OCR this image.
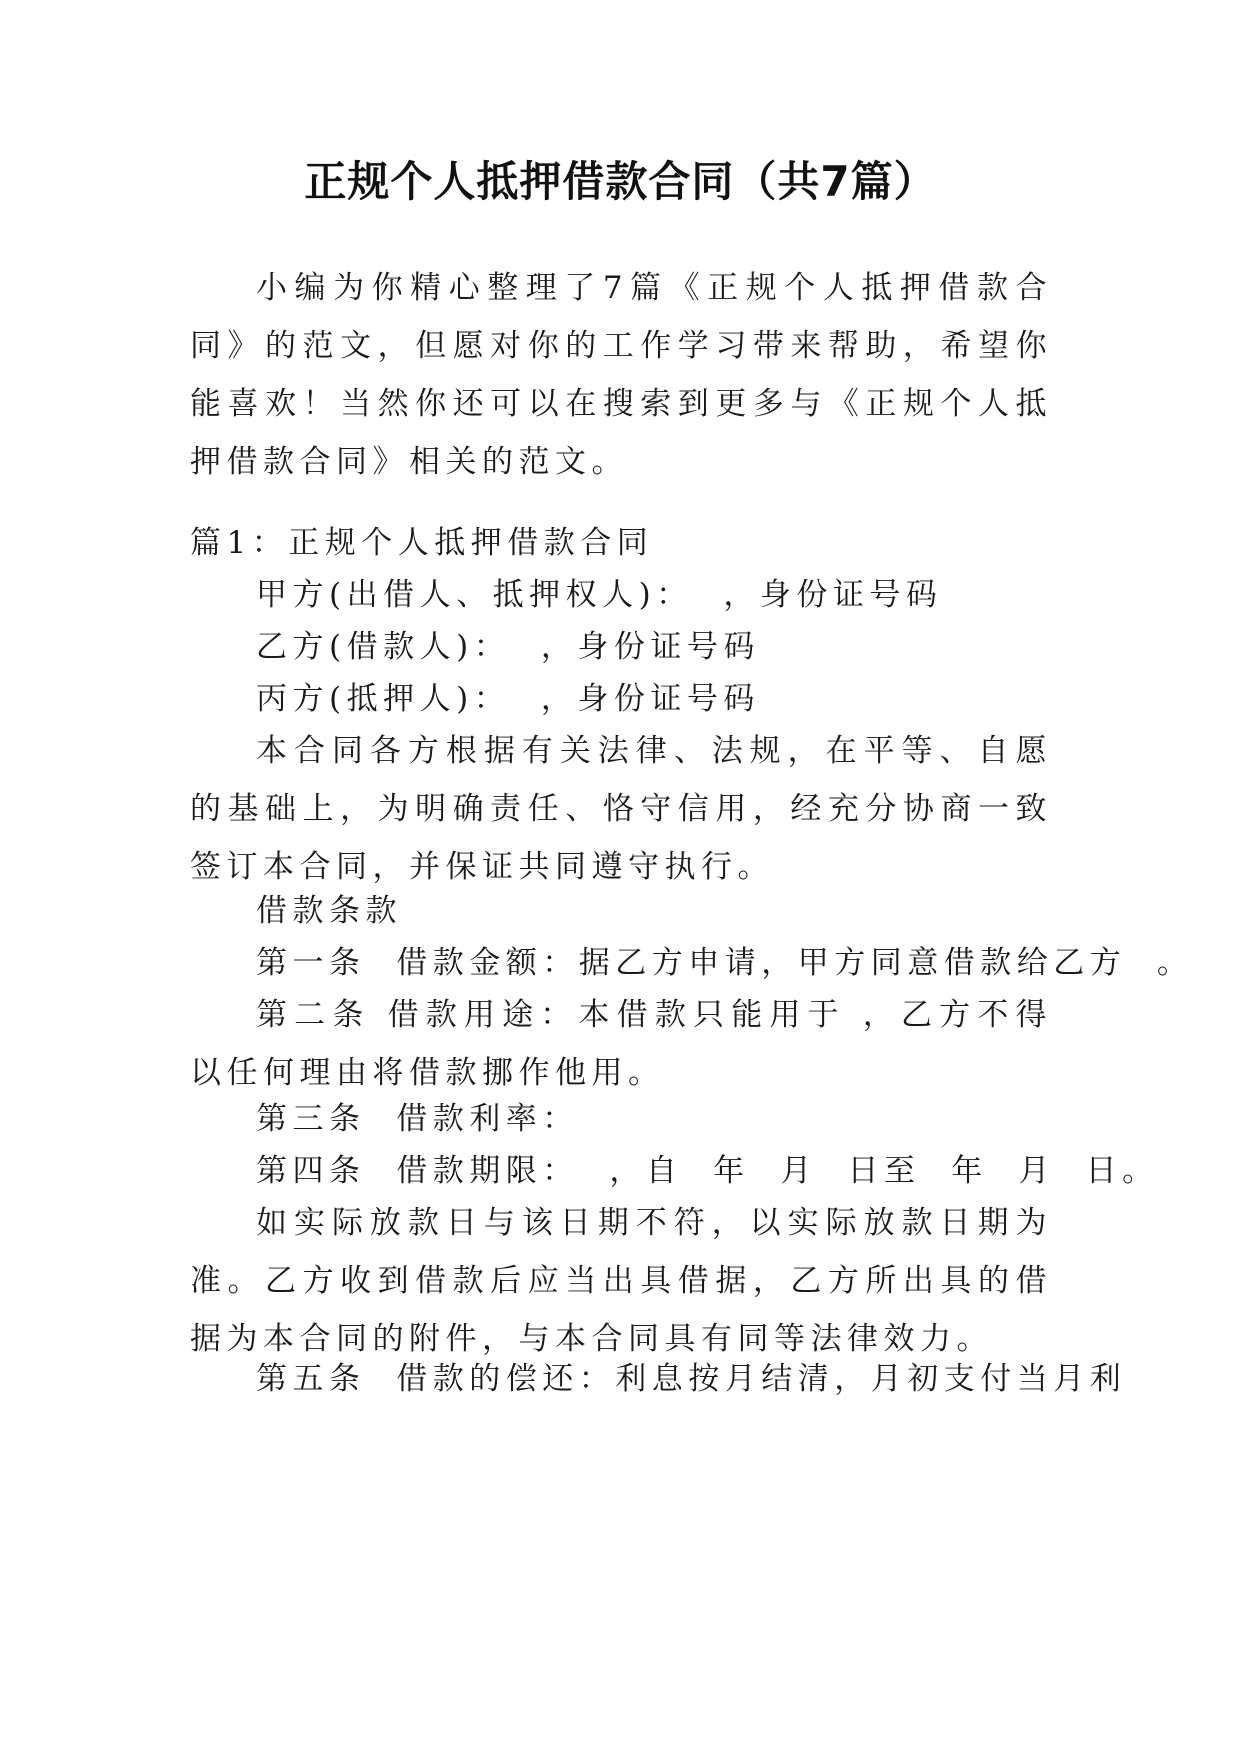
正规个人抵押借款合同（共7篇）
小编为你精心整理了7篇《正规个人抵押借款合同》的范文，但愿对你的工作学习带来帮助，希望你能喜欢！当然你还可以在搜索到更多与《正规个人抵押借款合同》相关的范文。
篇1：正规个人抵押借款合同
甲方(出借人、抵押权人)：  ，身份证号码
乙方(借款人)：  ，身份证号码
丙方(抵押人)：  ，身份证号码
本合同各方根据有关法律、法规，在平等、自愿的基础上，为明确责任、恪守信用，经充分协商一致签订本合同，并保证共同遵守执行。
借款条款
第一条  借款金额：据乙方申请，甲方同意借款给乙方  。
第二条 借款用途：本借款只能用于 ，乙方不得以任何理由将借款挪作他用。
第三条  借款利率：
第四条  借款期限：  ，自  年  月  日至  年  月  日。
如实际放款日与该日期不符，以实际放款日期为准。乙方收到借款后应当出具借据，乙方所出具的借据为本合同的附件，与本合同具有同等法律效力。
第五条  借款的偿还：利息按月结清，月初支付当月利
